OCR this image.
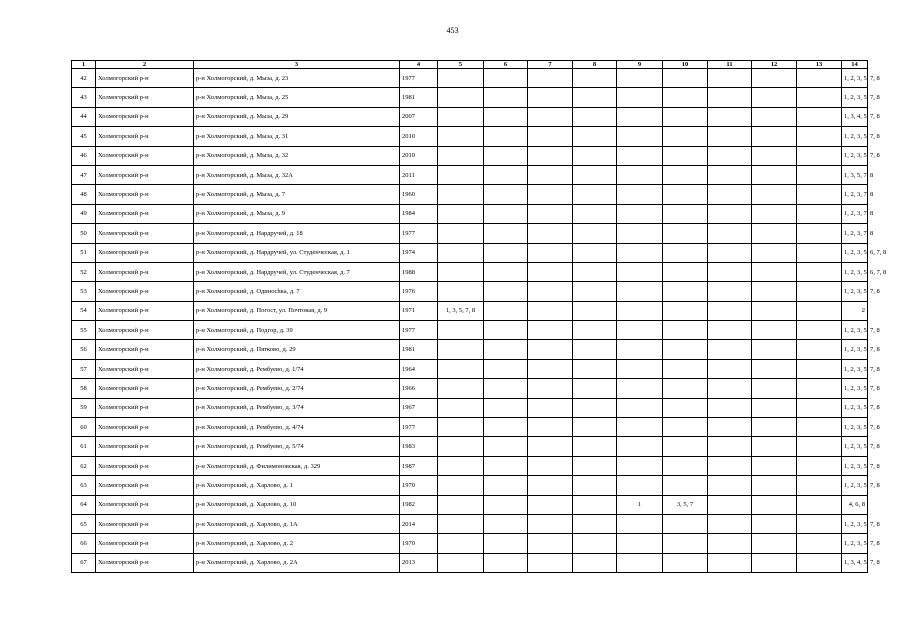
453
1	2	3	4	5	6	7	8	9	10	11	12	13	14
42	Холмогорский р-н	р-н Холмогорский, д. Мыза, д. 23	1977										1, 2, 3, 5, 7, 8
43	Холмогорский р-н	р-н Холмогорский, д. Мыза, д. 25	1981										1, 2, 3, 5, 7, 8
44	Холмогорский р-н	р-н Холмогорский, д. Мыза, д. 29	2007										1, 3, 4, 5, 7, 8
45	Холмогорский р-н	р-н Холмогорский, д. Мыза, д. 31	2010										1, 2, 3, 5, 7, 8
46	Холмогорский р-н	р-н Холмогорский, д. Мыза, д. 32	2010										1, 2, 3, 5, 7, 8
47	Холмогорский р-н	р-н Холмогорский, д. Мыза, д. 32А	2011										1, 3, 5, 7, 8
48	Холмогорский р-н	р-н Холмогорский, д. Мыза, д. 7	1960										1, 2, 3, 7, 8
49	Холмогорский р-н	р-н Холмогорский, д. Мыза, д. 9	1984										1, 2, 3, 7, 8
50	Холмогорский р-н	р-н Холмогорский, д. Нардручей, д. 18	1977										1, 2, 3, 7, 8
51	Холмогорский р-н	р-н Холмогорский, д. Нардручей, ул. Студенческая, д. 1	1974										1, 2, 3, 5, 6, 7, 8
52	Холмогорский р-н	р-н Холмогорский, д. Нардручей, ул. Студенческая, д. 7	1988										1, 2, 3, 5, 6, 7, 8
53	Холмогорский р-н	р-н Холмогорский, д. Одинochка, д. 7	1976										1, 2, 3, 5, 7, 8
54	Холмогорский р-н	р-н Холмогорский, д. Погост, ул. Почтовая, д. 9	1971	1, 3, 5, 7, 8									2
55	Холмогорский р-н	р-н Холмогорский, д. Подгор, д. 39	1977										1, 2, 3, 5, 7, 8
56	Холмогорский р-н	р-н Холмогорский, д. Пятково, д. 29	1981										1, 2, 3, 5, 7, 8
57	Холмогорский р-н	р-н Холмогорский, д. Рембуево, д. 1/74	1964										1, 2, 3, 5, 7, 8
58	Холмогорский р-н	р-н Холмогорский, д. Рембуево, д. 2/74	1966										1, 2, 3, 5, 7, 8
59	Холмогорский р-н	р-н Холмогорский, д. Рембуево, д. 3/74	1967										1, 2, 3, 5, 7, 8
60	Холмогорский р-н	р-н Холмогорский, д. Рембуево, д. 4/74	1977										1, 2, 3, 5, 7, 8
61	Холмогорский р-н	р-н Холмогорский, д. Рембуево, д. 5/74	1983										1, 2, 3, 5, 7, 8
62	Холмогорский р-н	р-н Холмогорский, д. Филимоновская, д. 329	1987										1, 2, 3, 5, 7, 8
63	Холмогорский р-н	р-н Холмогорский, д. Харлово, д. 1	1970										1, 2, 3, 5, 7, 8
64	Холмогорский р-н	р-н Холмогорский, д. Харлово, д. 10	1982					1	3, 5, 7				4, 6, 8
65	Холмогорский р-н	р-н Холмогорский, д. Харлово, д. 1А	2014										1, 2, 3, 5, 7, 8
66	Холмогорский р-н	р-н Холмогорский, д. Харлово, д. 2	1970										1, 2, 3, 5, 7, 8
67	Холмогорский р-н	р-н Холмогорский, д. Харлово, д. 2А	2013										1, 3, 4, 5, 7, 8
